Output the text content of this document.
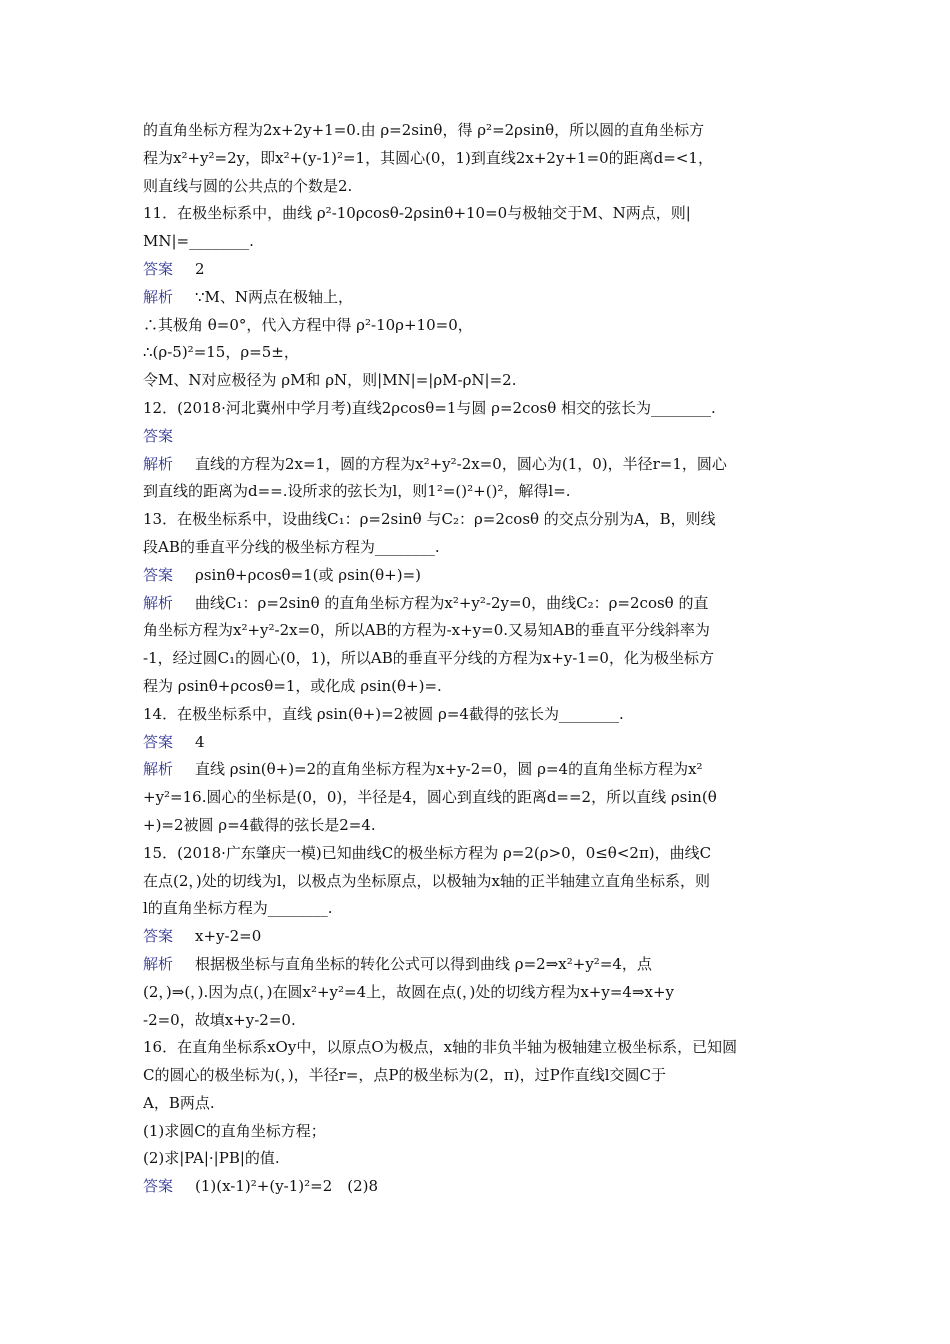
的直角坐标方程为2x+2y+1=0.由 ρ=2sinθ，得 ρ²=2ρsinθ，所以圆的直角坐标方
程为x²+y²=2y，即x²+(y-1)²=1，其圆心(0，1)到直线2x+2y+1=0的距离d=<1，
则直线与圆的公共点的个数是2.
11．在极坐标系中，曲线 ρ²-10ρcosθ-2ρsinθ+10=0与极轴交于M、N两点，则|
MN|=________.
答案 2
解析 ∵M、N两点在极轴上，
∴其极角 θ=0°，代入方程中得 ρ²-10ρ+10=0，
∴(ρ-5)²=15，ρ=5±，
令M、N对应极径为 ρM和 ρN，则|MN|=|ρM-ρN|=2.
12．(2018·河北冀州中学月考)直线2ρcosθ=1与圆 ρ=2cosθ 相交的弦长为________.
答案
解析 直线的方程为2x=1，圆的方程为x²+y²-2x=0，圆心为(1，0)，半径r=1，圆心
到直线的距离为d==.设所求的弦长为l，则1²=()²+()²，解得l=.
13．在极坐标系中，设曲线C₁：ρ=2sinθ 与C₂：ρ=2cosθ 的交点分别为A，B，则线
段AB的垂直平分线的极坐标方程为________.
答案 ρsinθ+ρcosθ=1(或 ρsin(θ+)=)
解析 曲线C₁：ρ=2sinθ 的直角坐标方程为x²+y²-2y=0，曲线C₂：ρ=2cosθ 的直
角坐标方程为x²+y²-2x=0，所以AB的方程为-x+y=0.又易知AB的垂直平分线斜率为
-1，经过圆C₁的圆心(0，1)，所以AB的垂直平分线的方程为x+y-1=0，化为极坐标方
程为 ρsinθ+ρcosθ=1，或化成 ρsin(θ+)=.
14．在极坐标系中，直线 ρsin(θ+)=2被圆 ρ=4截得的弦长为________.
答案 4
解析 直线 ρsin(θ+)=2的直角坐标方程为x+y-2=0，圆 ρ=4的直角坐标方程为x²
+y²=16.圆心的坐标是(0，0)，半径是4，圆心到直线的距离d==2，所以直线 ρsin(θ
+)=2被圆 ρ=4截得的弦长是2=4.
15．(2018·广东肇庆一模)已知曲线C的极坐标方程为 ρ=2(ρ>0，0≤θ<2π)，曲线C
在点(2，)处的切线为l，以极点为坐标原点，以极轴为x轴的正半轴建立直角坐标系，则
l的直角坐标方程为________.
答案 x+y-2=0
解析 根据极坐标与直角坐标的转化公式可以得到曲线 ρ=2⇒x²+y²=4，点
(2，)⇒(，).因为点(，)在圆x²+y²=4上，故圆在点(，)处的切线方程为x+y=4⇒x+y
-2=0，故填x+y-2=0.
16．在直角坐标系xOy中，以原点O为极点，x轴的非负半轴为极轴建立极坐标系，已知圆
C的圆心的极坐标为(，)，半径r=，点P的极坐标为(2，π)，过P作直线l交圆C于
A，B两点.
(1)求圆C的直角坐标方程；
(2)求|PA|·|PB|的值.
答案 (1)(x-1)²+(y-1)²=2　(2)8
